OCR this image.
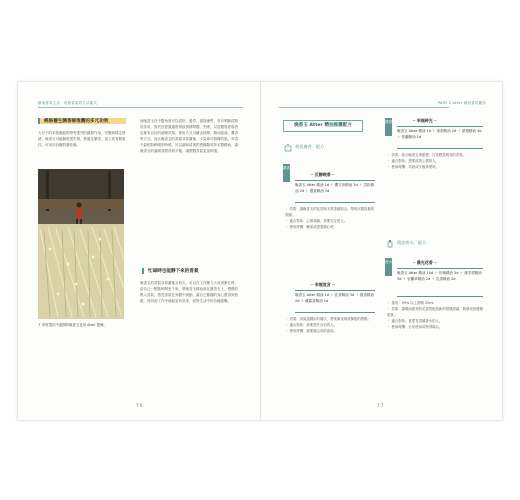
精油香氛生活：培養香氣的生活儀式
經絡養生調香師推薦的多元功效
大分子的苯基酯能夠帶有強烈的鎮靜作用，安撫和穩定情緒，晚香玉可緩解慌張失措、焦慮及緊張，加上其有親膚性，可用於治療肌膚乾燥。
↑ 印度農田中盛開的晚香玉花朵 Atter 提煉。
而晚香玉在中醫角度可以清肝、養胃，滋陰補腎，具有利肺清熱的作用，對於因思慮過度導致情緒問題、失眠，以及體質虛弱者也都有良好的調理效果，使用方式可藉由按摩、精油泡澡、薰香等方式。而且晚香玉的香氣非常濃郁，少量即可發揮效果。草香天氣相對稍暖的時候，可以調和清爽的柑橘類或草本類精油，讓晚香玉的溫暖香甜得到平衡，讓整體香氣更加和諧。
忙碌時也能靜下來的香氣
晚香玉的香氣非常濃郁且持久，可以在工作壓力大或者繁忙時，給自己一點點時間坐下來，將晚香玉精油滴在擴香石上，慢慢的吸入香氣，感受香氣在身體中流動，讓自己緊繃的身心靈得到放鬆，再回到工作中就能更有效率，面對生活中的各種挑戰。
7 6
PART 2 Atter 精油香氛應用
晚香玉 Atter 精油推薦配方
香氛擴香．配方
擴香
─ 沉靜晚香 ─
晚香玉 Atter 精油 1d ＋ 薰衣草精油 3d ＋ 雪松精油 2d ＋ 檀香精油 1d
・ 效果：讓晚香玉的花香與木質香調結合，帶來沉穩放鬆的氛圍。
・ 適合對象：心情煩躁、需要安定的人。
・ 使用時機：睡前或需要靜心時。
─ 幸福宣言 ─
晚香玉 Atter 精油 1d ＋ 乳香精油 3d ＋ 檀香精油 2d ＋ 廣藿香精油 1d
・ 效果：香氣溫潤而有層次，帶來愉悅與被擁抱的感覺。
・ 適合對象：需要提升自信的人。
・ 使用時機：重要場合或約會前。
擴香	─ 幸福時光 ─
晚香玉 Atter 精油 1d ＋ 茉莉精油 2d ＋ 甜橙精油 3d ＋ 依蘭精油 1d
・ 效果：結合晚香玉與甜橙，打造輕盈明亮的香氛。
・ 適合對象：想要改善心情的人。
・ 使用時機：早晨或午後休憩時。
精油香水．配方
香水	─ 晨光花香 ─
晚香玉 Atter 精油 10d ＋ 玫瑰精油 5d ＋ 佛手柑精油 3d ＋ 岩蘭草精油 2d ＋ 乳香精油 2d
・ 基底：99% 以上酒精 25ml
・ 效果：溫暖而甜美的花香搭配清新的柑橘香調，散發成熟優雅氣質。
・ 適合對象：喜愛花香調香水的人。
・ 使用時機：日常使用或特別場合。
7 7
